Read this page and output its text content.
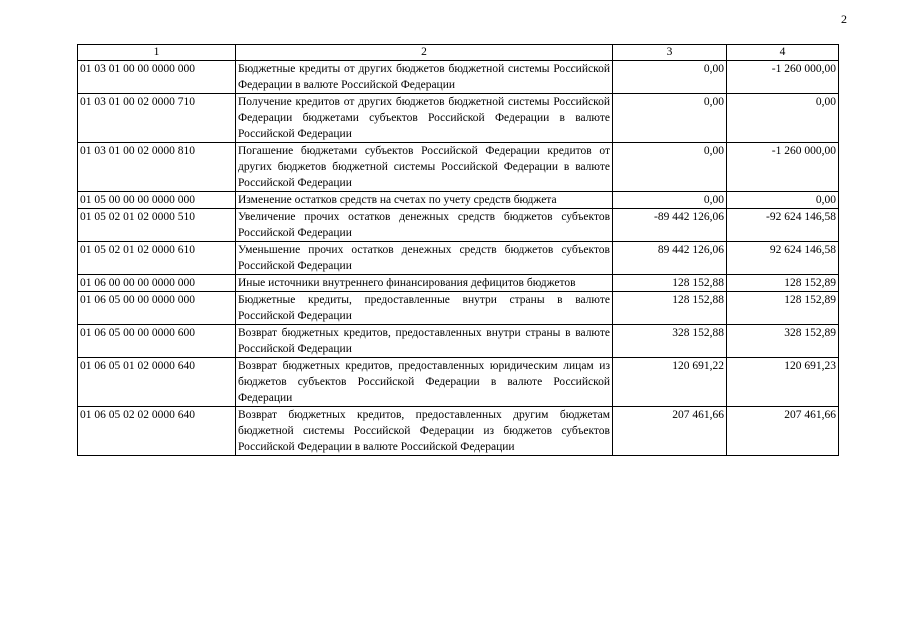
2
1	2	3	4
01 03 01 00 00 0000 000	Бюджетные кредиты от других бюджетов бюджетной системы Российской Федерации в валюте Российской Федерации	0,00	-1 260 000,00
01 03 01 00 02 0000 710	Получение кредитов от других бюджетов бюджетной системы Российской Федерации бюджетами субъектов Российской Федерации в валюте Российской Федерации	0,00	0,00
01 03 01 00 02 0000 810	Погашение бюджетами субъектов Российской Федерации кредитов от других бюджетов бюджетной системы Российской Федерации в валюте Российской Федерации	0,00	-1 260 000,00
01 05 00 00 00 0000 000	Изменение остатков средств на счетах по учету средств бюджета	0,00	0,00
01 05 02 01 02 0000 510	Увеличение прочих остатков денежных средств бюджетов субъектов Российской Федерации	-89 442 126,06	-92 624 146,58
01 05 02 01 02 0000 610	Уменьшение прочих остатков денежных средств бюджетов субъектов Российской Федерации	89 442 126,06	92 624 146,58
01 06 00 00 00 0000 000	Иные источники внутреннего финансирования дефицитов бюджетов	128 152,88	128 152,89
01 06 05 00 00 0000 000	Бюджетные кредиты, предоставленные внутри страны в валюте Российской Федерации	128 152,88	128 152,89
01 06 05 00 00 0000 600	Возврат бюджетных кредитов, предоставленных внутри страны в валюте Российской Федерации	328 152,88	328 152,89
01 06 05 01 02 0000 640	Возврат бюджетных кредитов, предоставленных юридическим лицам из бюджетов субъектов Российской Федерации в валюте Российской Федерации	120 691,22	120 691,23
01 06 05 02 02 0000 640	Возврат бюджетных кредитов, предоставленных другим бюджетам бюджетной системы Российской Федерации из бюджетов субъектов Российской Федерации в валюте Российской Федерации	207 461,66	207 461,66
